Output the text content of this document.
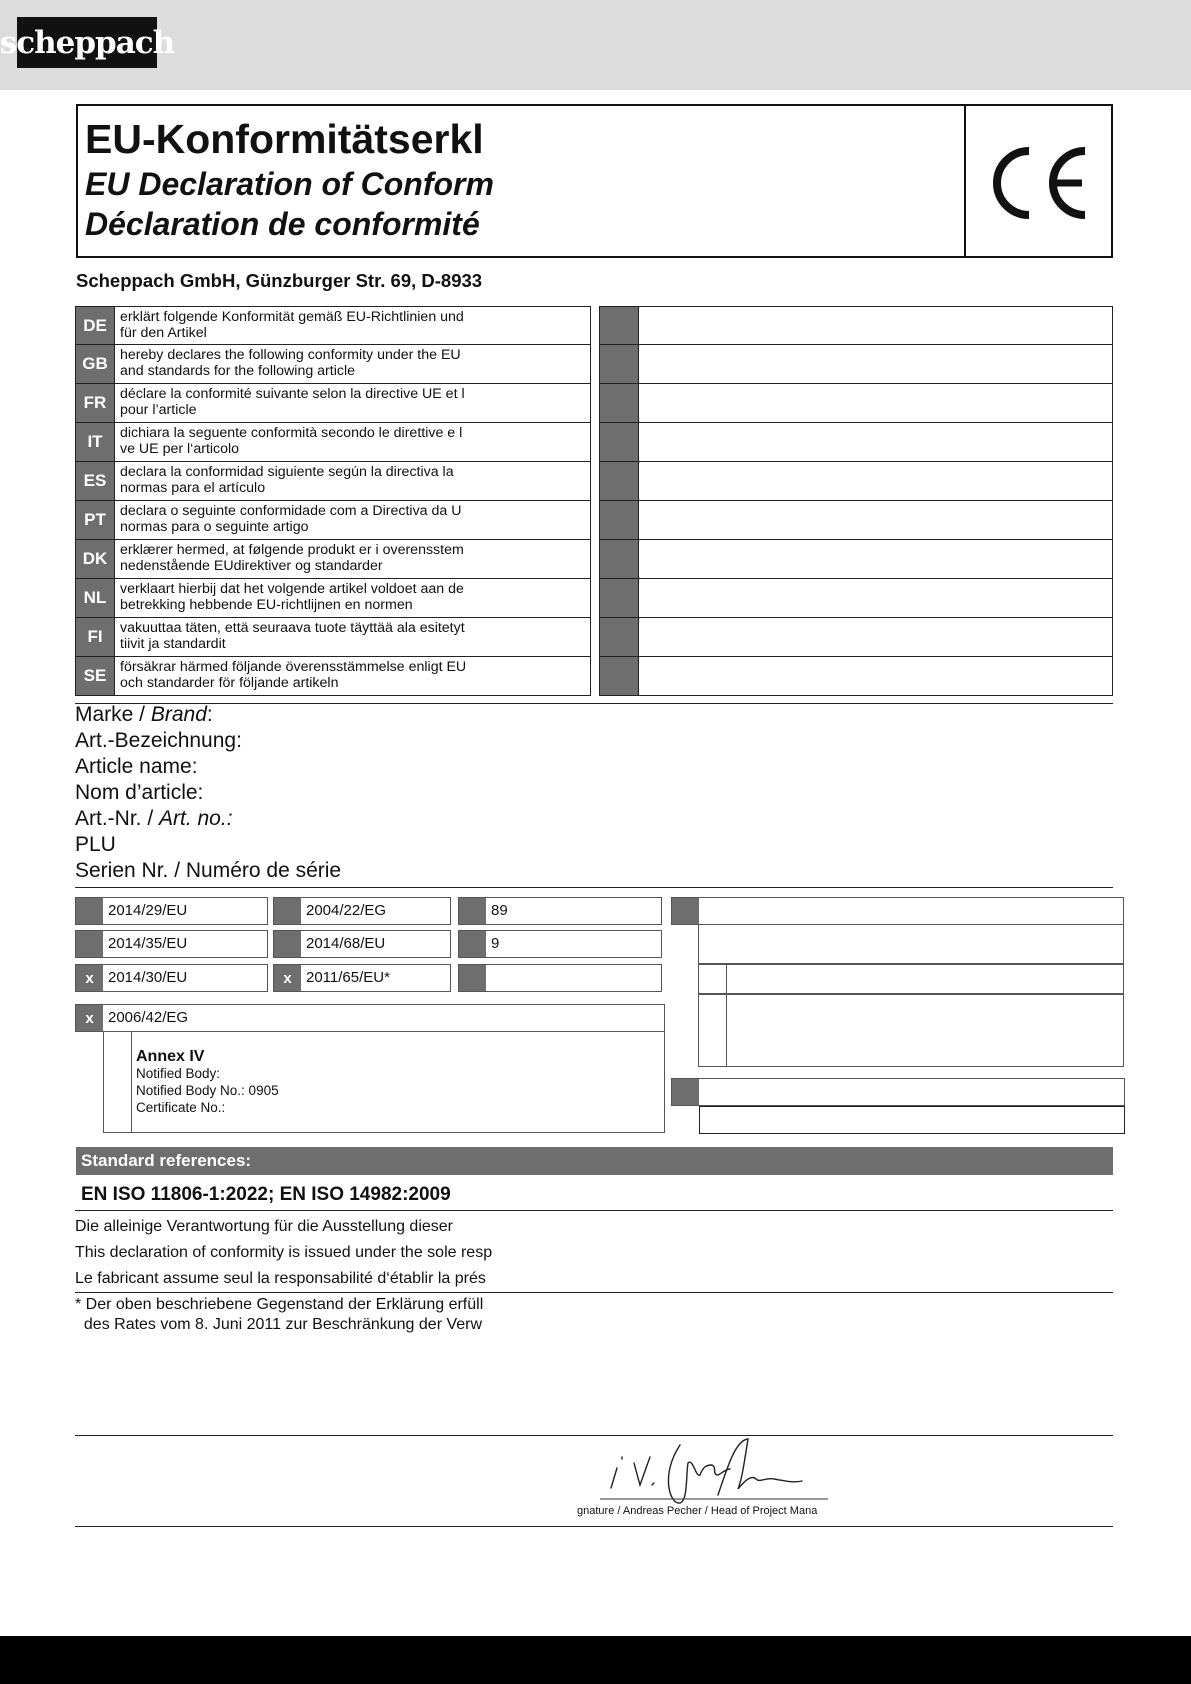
scheppach
EU-Konformitätserkl
EU Declaration of Conform
Déclaration de conformité
Scheppach GmbH, Günzburger Str. 69, D-8933
DE erklärt folgende Konformität gemäß EU-Richtlinien und
für den Artikel
GB hereby declares the following conformity under the EU
and standards for the following article
FR déclare la conformité suivante selon la directive UE et l
pour l’article
IT	dichiara la seguente conformità secondo le direttive e l
ve UE per l‘articolo
ES declara la conformidad siguiente según la directiva la
normas para el artículo
PT declara o seguinte conformidade com a Directiva da U
normas para o seguinte artigo
DK erklærer hermed, at følgende produkt er i overensstem
nedenstående EUdirektiver og standarder
NL verklaart hierbij dat het volgende artikel voldoet aan de
betrekking hebbende EU-richtlijnen en normen
FI	vakuuttaa täten, että seuraava tuote täyttää ala esitetyt
tiivit ja standardit
SE försäkrar härmed följande överensstämmelse enligt EU
och standarder för följande artikeln
Marke / Brand:
Art.-Bezeichnung:
Article name:
Nom d’article:
Art.-Nr. / Art. no.:
PLU
Serien Nr. / Numéro de série
2014/29/EU	2004/22/EG	89
2014/35/EU	2014/68/EU	9
x 2014/30/EU	x 2011/65/EU*
x 2006/42/EG
Annex IV
Notified Body:
Notified Body No.: 0905
Certificate No.:
Standard references:
EN ISO 11806-1:2022; EN ISO 14982:2009
Die alleinige Verantwortung für die Ausstellung dieser
This declaration of conformity is issued under the sole resp
Le fabricant assume seul la responsabilité d‘établir la prés
* Der oben beschriebene Gegenstand der Erklärung erfüll
des Rates vom 8. Juni 2011 zur Beschränkung der Verw
gnature / Andreas Pecher / Head of Project Mana
